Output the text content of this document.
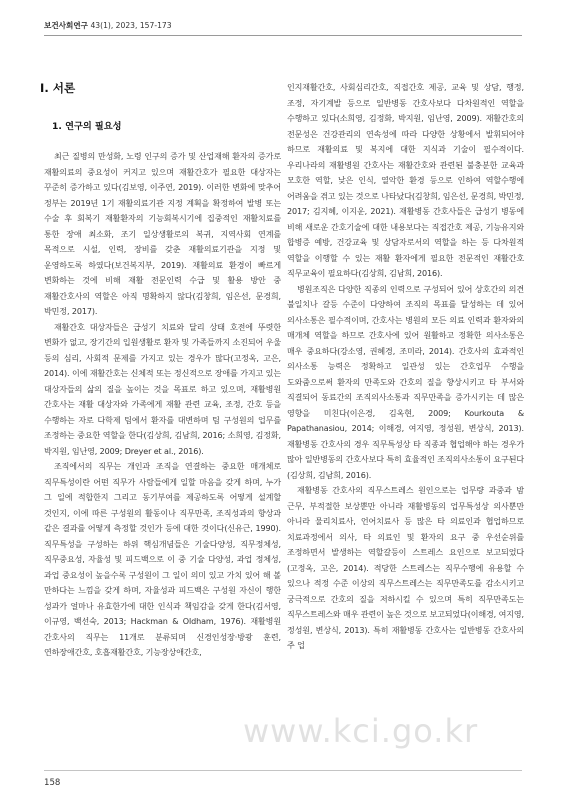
보건사회연구 43(1), 2023, 157-173
Ⅰ. 서론
1. 연구의 필요성

최근 질병의 만성화, 노령 인구의 증가 및 산업재해 환자의 증가로 재활의료의 중요성이 커지고 있으며 재활간호가 필요한 대상자는 꾸준히 증가하고 있다(김보영, 이주연, 2019). 이러한 변화에 맞추어 정부는 2019년 1기 재활의료기관 지정 계획을 확정하여 발병 또는 수술 후 회복기 재활환자의 기능회복시기에 집중적인 재활치료를 통한 장애 최소화, 조기 일상생활로의 복귀, 지역사회 연계를 목적으로 시설, 인력, 장비를 갖춘 재활의료기관을 지정 및 운영하도록 하였다(보건복지부, 2019). 재활의료 환경이 빠르게 변화하는 것에 비해 재활 전문인력 수급 및 활용 방안 중 재활간호사의 역할은 아직 명확하지 않다(김창희, 임은선, 문경희, 박민정, 2017).

재활간호 대상자들은 급성기 치료와 달리 상태 호전에 뚜렷한 변화가 없고, 장기간의 입원생활로 환자 및 가족들까지 소진되어 우울 등의 심리, 사회적 문제를 가지고 있는 경우가 많다(고정옥, 고은, 2014). 이에 재활간호는 신체적 또는 정신적으로 장애를 가지고 있는 대상자들의 삶의 질을 높이는 것을 목표로 하고 있으며, 재활병원 간호사는 재활 대상자와 가족에게 재활 관련 교육, 조정, 간호 등을 수행하는 자로 다학제 팀에서 환자를 대변하며 팀 구성원의 업무를 조정하는 중요한 역할을 한다(김상희, 김남희, 2016; 소희영, 김정화, 박지원, 임난영, 2009; Dreyer et al., 2016).

조직에서의 직무는 개인과 조직을 연결하는 중요한 매개체로 직무특성이란 어떤 직무가 사람들에게 일할 마음을 갖게 하며, 누가 그 일에 적합한지 그리고 동기부여를 제공하도록 어떻게 설계할 것인지, 이에 따른 구성원의 활동이나 직무만족, 조직성과의 향상과 같은 결과를 어떻게 측정할 것인가 등에 대한 것이다(신유근, 1990). 직무특성을 구성하는 하위 핵심개념들은 기술다양성, 직무정체성, 직무중요성, 자율성 및 피드백으로 이 중 기술 다양성, 과업 정체성, 과업 중요성이 높을수록 구성원이 그 일이 의미 있고 가치 있어 해 볼 만하다는 느낌을 갖게 하며, 자율성과 피드백은 구성원 자신이 행한 성과가 얼마나 유효한가에 대한 인식과 책임감을 갖게 한다(김서영, 이규영, 백선숙, 2013; Hackman & Oldham, 1976). 재활병원 간호사의 직무는 11개로 분류되며 신경인성장·방광 훈련, 연하장애간호, 호흡재활간호, 기능장상애간호,

인지재활간호, 사회심리간호, 직접간호 제공, 교육 및 상담, 행정, 조정, 자기계발 등으로 일반병동 간호사보다 다차원적인 역할을 수행하고 있다(소희영, 김정화, 박지원, 임난영, 2009). 재활간호의 전문성은 건강관리의 연속성에 따라 다양한 상황에서 발휘되어야 하므로 재활의료 및 복지에 대한 지식과 기술이 필수적이다. 우리나라의 재활병원 간호사는 재활간호와 관련된 불충분한 교육과 모호한 역할, 낮은 인식, 열악한 환경 등으로 인하여 역할수행에 어려움을 겪고 있는 것으로 나타났다(김창희, 임은선, 문경희, 박민정, 2017; 김지혜, 이지운, 2021). 재활병동 간호사들은 급성기 병동에 비해 새로운 간호기술에 대한 내용보다는 직접간호 제공, 기능유지와 합병증 예방, 건강교육 및 상담자로서의 역할을 하는 등 다차원적 역할을 이행할 수 있는 재활 환자에게 필요한 전문적인 재활간호 직무교육이 필요하다(김상희, 김남희, 2016).

병원조직은 다양한 직종의 인력으로 구성되어 있어 상호간의 의견 불일치나 갈등 수준이 다양하여 조직의 목표를 달성하는 데 있어 의사소통은 필수적이며, 간호사는 병원의 모든 의료 인력과 환자와의 매개체 역할을 하므로 간호사에 있어 원활하고 정확한 의사소통은 매우 중요하다(강소영, 권혜경, 조미라, 2014). 간호사의 효과적인 의사소통 능력은 정확하고 일관성 있는 간호업무 수행을 도와줌으로써 환자의 만족도와 간호의 질을 향상시키고 타 부서와 직결되어 동료간의 조직의사소통과 직무만족을 증가시키는 데 많은 영향을 미친다(이은경, 김옥현, 2009; Kourkouta & Papathanasiou, 2014; 이해경, 여지영, 정성원, 변상식, 2013). 재활병동 간호사의 경우 직무특성상 타 직종과 협업해야 하는 경우가 많아 일반병동의 간호사보다 특히 효율적인 조직의사소통이 요구된다(김상희, 김남희, 2016).

재활병동 간호사의 직무스트레스 원인으로는 업무량 과중과 밤 근무, 부적절한 보상뿐만 아니라 재활병동의 업무특성상 의사뿐만 아니라 물리치료사, 언어치료사 등 많은 타 의료인과 협업하므로 치료과정에서 의사, 타 의료인 및 환자의 요구 중 우선순위를 조정하면서 발생하는 역할갈등이 스트레스 요인으로 보고되었다(고정옥, 고은, 2014). 적당한 스트레스는 직무수행에 유용할 수 있으나 적정 수준 이상의 직무스트레스는 직무만족도를 감소시키고 궁극적으로 간호의 질을 저하시킬 수 있으며 특히 직무만족도는 직무스트레스와 매우 관련이 높은 것으로 보고되었다(이해경, 여지영, 정성원, 변상식, 2013). 특히 재활병동 간호사는 일반병동 간호사의 주 업

www.kci.go.kr
158
